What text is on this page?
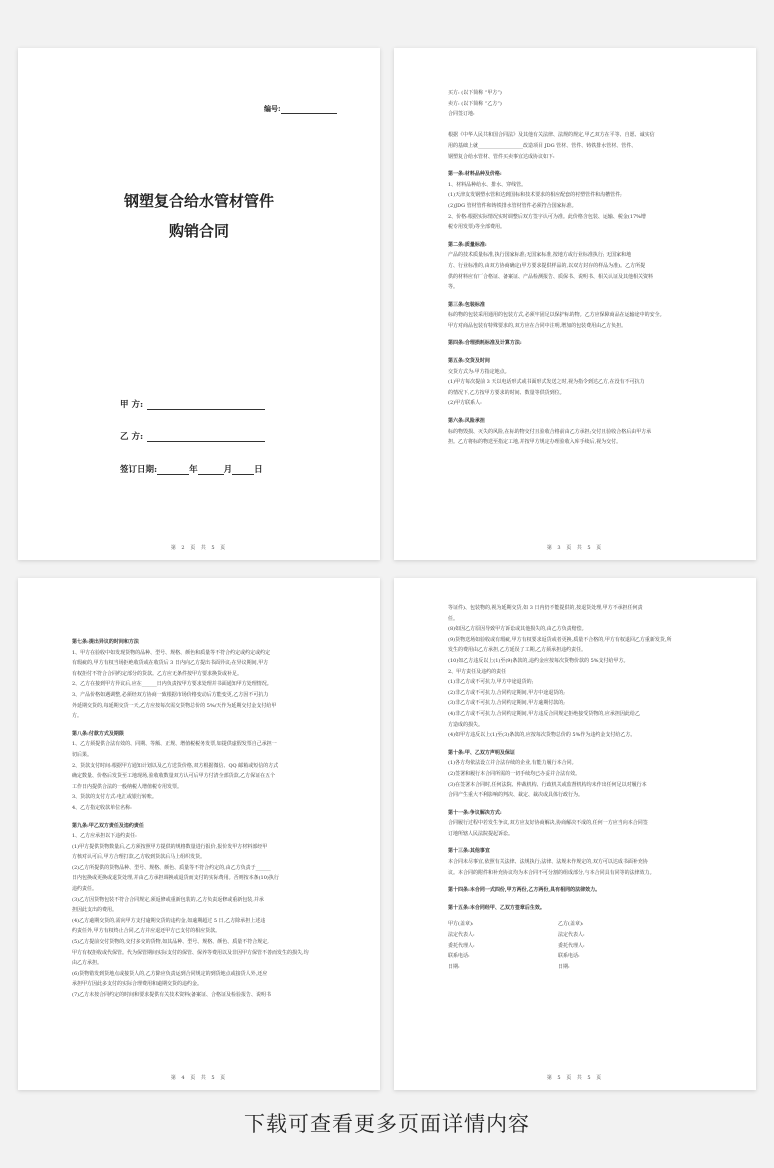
编号:
钢塑复合给水管材管件
购销合同
甲 方:
乙 方:
签订日期:	年	月	日
第 2 页 共 5 页

买方: (以下简称 “甲方”)

卖方: (以下简称 “乙方”)

合同签订地:

根据《中华人民共和国合同法》及其他有关法律、法规的规定,甲乙双方在平等、自愿、诚实信

用的基础上就__________________改造项目 JDG 管材、管件、铸铁排水管材、管件、

钢塑复合给水管材、管件买卖事宜达成协议如下:

第一条:材料品种及价格:

1、材料品种给水、排水、穿线管。

(1)天津友发钢塑水管和达到国标和技术要求的相应配套的衬塑管件和沟槽管件;

(2)JDG 管材管件和铸铁排水管材管件必须符合国家标准。

2、价格:根据实际情况实时调整后双方签字认可为准。此价格含包装、运输、税金(17%增

税专用发票)等全部费用。

第二条:质量标准:

产品的技术质量标准,执行国家标准;无国家标准,按地方或行业标准执行; 无国家和地

方、行业标准的,由双方协商确定(甲方要求提供样品的,以双方封存的样品为准)。乙方所提

供的材料应有厂合格证、备案证、产品检测报告、质保书、说明书、相关认证及其他相关资料

等。

第三条:包装标准

标的物的包装采用通用的包装方式,必须牢固足以保护标的物。乙方应保障商品在运输途中的安全。

甲方对商品包装有特殊要求的,双方应在合同中注明,增加的包装费用由乙方负担。

第四条:合理损耗标准及计算方法:

第五条:交货及时间

交货方式为:甲方指定地点。

(1)甲方每次提前 3 天以电话形式或书面形式发送之时,视为指令到达乙方,在没有不可抗力

的情况下,乙方按甲方要求的时间、数量等供货到位。

(2)甲方联系人:

第六条:风险承担

标的物毁损、灭失的风险,在标的物交付且验收合格前由乙方承担;交付且验收合格后由甲方承

担。乙方将标的物送至指定工地,并按甲方规定办理验收入库手续后,视为交付。

第 3 页 共 5 页

第七条:提出异议的时间和方法

1、甲方在验收中如发现货物的品种、型号、规格、颜色和质量等不符合约定或约定或约定

有瑕疵的,甲方有权当场拒绝收货或在收货后 3 日内向乙方提出书面异议;在异议期间,甲方

有权拒付不符合合同约定部分的货款。乙方应无条件按甲方要求换货或补足。

2、乙方在接到甲方异议后,应在______日内负责按甲方要求处理并书面通知甲方处理情况。

3、产品价格如遇调整,必须经双方协商一致根据市场价格变动后方能变更,乙方因不可抗力

外延期交货的,每延期交货一天,乙方应按每次需交货物总价的 5%/天作为延期交付金支付给甲

方。

第八条:付款方式及期限

1、乙方须提供合法有效的、同期、等额、正规、增值税税务发票,如提供虚假发票自己承担一

切后果。

2、货款支付时间:根据甲方通知计划以及乙方送货价格,双方根据微信、QQ 邮箱或短信的方式

确定数量、价格后发货至工地现场,验收收数量双方认可后甲方付清全部货款,乙方保证在五个

工作日内提供合法的一般纳税人增值税专用发票。

3、货款的支付方式:电汇或银行转账。

4、乙方指定收款单位名称:

第九条:甲乙双方责任及违约责任

1、乙方应承担以下违约责任:

(1)甲方提供货物数量后,乙方须按照甲方提供的规格数量进行报价,报价发甲方材料部经甲

方核对认可后,甲方合理打款,乙方收到货款后马上组织发货。

(2)乙方所提供的货物品种、型号、规格、颜色、质量等不符合约定的,由乙方负责于______

日内包换或更换或退货处理,并由乙方承担调换或退货而支付的实际费用。否则按本条(10)执行

违约责任。

(3)乙方因货物包装不符合合同规定,须返修或重新包装的,乙方负责返修或重新包装,并承

担因此支出的费用。

(4)乙方逾期交货的,需向甲方支付逾期交货的违约金,如逾期超过 5 日,乙方除承担上述违

约责任外,甲方有权终止合同,乙方并应退还甲方已支付的相应货款。

(5)乙方提前交付货物的,交付多交的货物,如其品种、型号、规格、颜色、质量不符合规定,

甲方有权拒收或代保管。代为保管期间实际支付的保管、保养等费用以及非因甲方保管不善而发生的损失,均

由乙方承担。

(6)货物错发到货地点或接货人的,乙方除应负责运到合同规定的到货地点或接货人外,还应

承担甲方因此多支付的实际合理费用和逾期交货的违约金。

(7)乙方未按合同约定的时间和要求提供有关技术资料(备案证、合格证及检验报告、说明书

第 4 页 共 5 页

等证件)、包装物的,视为延期交货,如 3 日内仍不能提供的,按退货处理,甲方不承担任何责

任。

(8)如因乙方原因导致甲方诉讼或其他损失的,由乙方负责赔偿。

(9)货物送场如验收或有瑕疵,甲方有权要求返货或者更换,质量不合格的,甲方有权退回乙方重新发货,所

发生的费用由乙方承担,乙方延误了工期,乙方须承担违约责任。

(10)如乙方违反以上(1)至(9)条款的,违约金应按每次货物价款的 5%支付给甲方。

2、甲方责任及违约的责任

(1)非乙方或不可抗力,甲方中途退货的;

(2)非乙方或不可抗力,合同约定期间,甲方中途退货的;

(3)非乙方或不可抗力,合同约定期间,甲方逾期付款的;

(4)非乙方或不可抗力,合同约定期间,甲方违反合同规定拒绝接受货物的,应承担因此给乙

方造成的损失。

(4)如甲方违反以上(1)至(3)条款的,应按每次货物总价的 5%作为违约金支付给乙方。

第十条:甲、乙双方声明及保证

(1)各方均依法设立并合法存续的企业,有能力履行本合同。

(2)签署和履行本合同所需的一切手续均已办妥并合法有效。

(3)在签署本合同时,任何法院、仲裁机构、行政机关或监督机构均未作出任何足以对履行本

合同产生重大不利影响的判决、裁定、裁决或具体行政行为。

第十一条:争议解决方式:

合同履行过程中若发生争议,双方应友好协商解决,协商解决不成的,任何一方应当向本合同签

订地所辖人民法院提起诉讼。

第十三条:其他事宜

本合同未尽事宜,依照有关法律、法规执行;法律、法规未作规定的,双方可以达成书面补充协

议。本合同的附件和补充协议均为本合同不可分割的组成部分,与本合同具有同等的法律效力。

第十四条:本合同一式四份,甲方两份,乙方两份,具有相同的法律效力。

第十五条:本合同经甲、乙双方签章后生效。

甲方(盖章):	乙方(盖章):
法定代表人:	法定代表人:
委托代理人:	委托代理人:
联系电话:	联系电话:
日期:	日期:
第 5 页 共 5 页
下载可查看更多页面详情内容
